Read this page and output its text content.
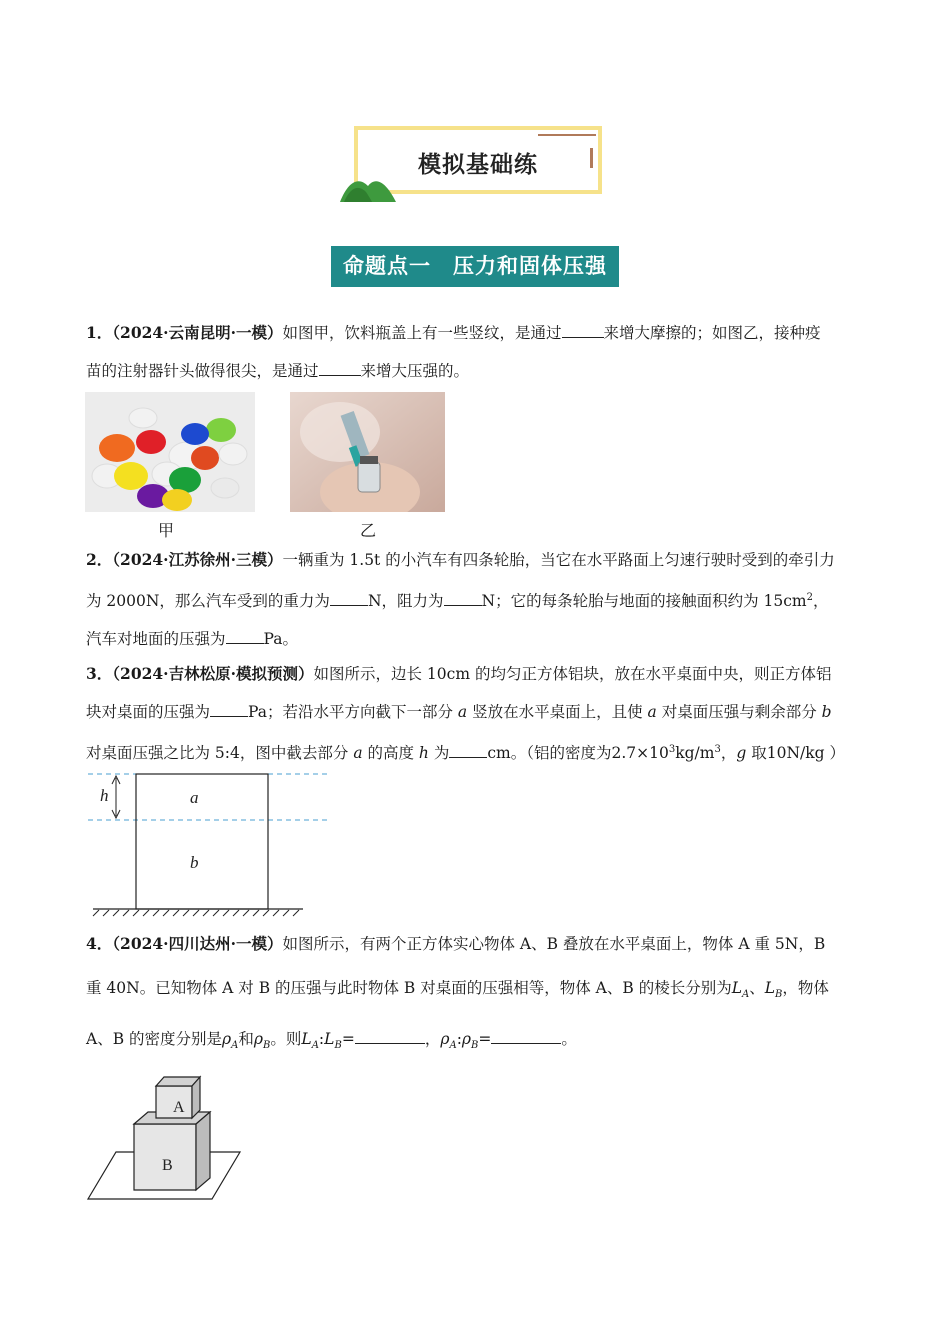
模拟基础练
命题点一　压力和固体压强
1．（2024·云南昆明·一模）如图甲，饮料瓶盖上有一些竖纹，是通过	来增大摩擦的；如图乙，接种疫
苗的注射器针头做得很尖，是通过	来增大压强的。
甲	乙
2．（2024·江苏徐州·三模）一辆重为 1.5t 的小汽车有四条轮胎，当它在水平路面上匀速行驶时受到的牵引力
为 2000N，那么汽车受到的重力为 N，阻力为 N；它的每条轮胎与地面的接触面积约为 $15cm^2$，
汽车对地面的压强为 Pa。
3．（2024·吉林松原·模拟预测）如图所示，边长 10cm 的均匀正方体铝块，放在水平桌面中央，则正方体铝
块对桌面的压强为 Pa；若沿水平方向截下一部分 a 竖放在水平桌面上，且使 a 对桌面压强与剩余部分 b
对桌面压强之比为 5:4，图中截去部分 a 的高度 h 为 cm。（铝的密度为$2.7\times 10^3kg/m^3$，g 取10N/kg ）
h	a
b
4．（2024·四川达州·一模）如图所示，有两个正方体实心物体 A、B 叠放在水平桌面上，物体 A 重 5N，B
重 40N。已知物体 A 对 B 的压强与此时物体 B 对桌面的压强相等，物体 A、B 的棱长分别为$L_A$、$L_B$，物体
A、B 的密度分别是$\rho_A$和$\rho_B$。则$L_A:L_B=$	，$\rho_A:\rho_B=$	。
A
B
